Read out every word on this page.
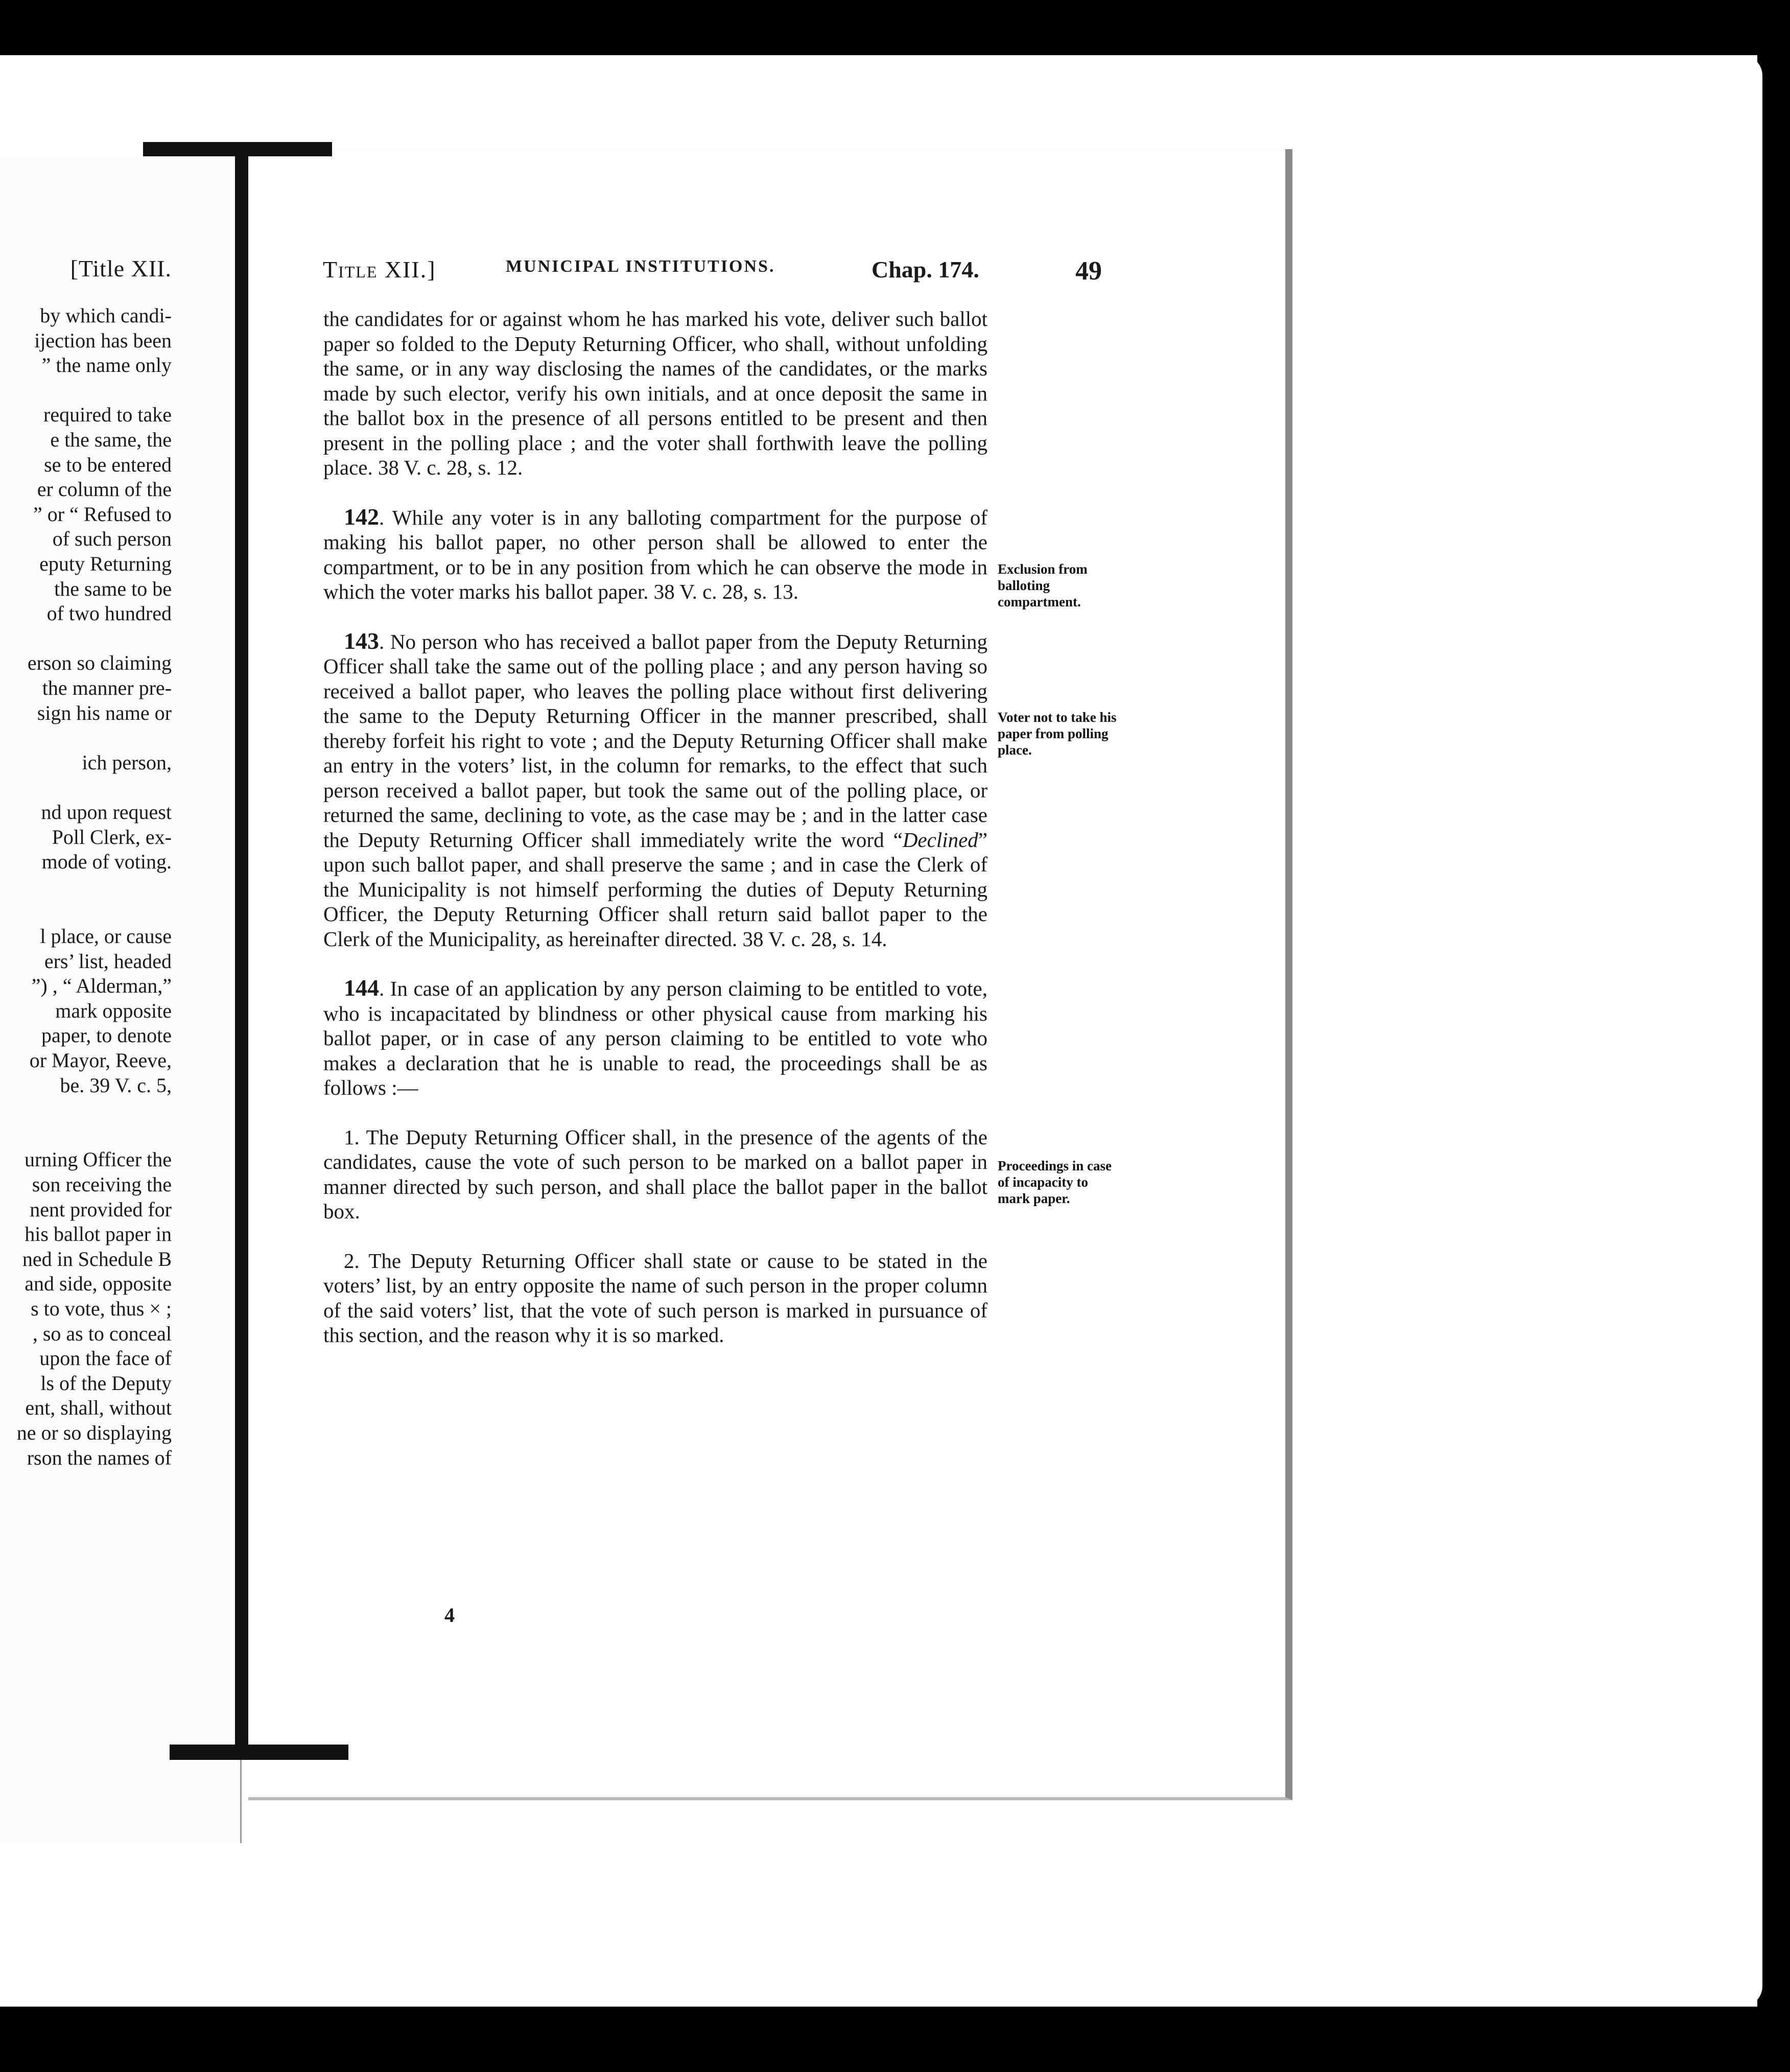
[Title XII.
by which candi-
ijection has been
” the name only
required to take
e the same, the
se to be entered
er column of the
” or “ Refused to
of such person
eputy Returning
the same to be
of two hundred
erson so claiming
the manner pre-
sign his name or
ich person,
nd upon request
Poll Clerk, ex-
mode of voting.
l place, or cause
ers’ list, headed
”) , “ Alderman,”
mark opposite
paper, to denote
or Mayor, Reeve,
be. 39 V. c. 5,
urning Officer the
son receiving the
nent provided for
his ballot paper in
ned in Schedule B
and side, opposite
s to vote, thus × ;
, so as to conceal
upon the face of
ls of the Deputy
ent, shall, without
ne or so displaying
rson the names of
Title XII.]	MUNICIPAL INSTITUTIONS.	Chap. 174.	49

the candidates for or against whom he has marked his vote, deliver such ballot paper so folded to the Deputy Returning Officer, who shall, without unfolding the same, or in any way disclosing the names of the candidates, or the marks made by such elector, verify his own initials, and at once deposit the same in the ballot box in the presence of all persons entitled to be present and then present in the polling place ; and the voter shall forthwith leave the polling place. 38 V. c. 28, s. 12.

142. While any voter is in any balloting compartment for the purpose of making his ballot paper, no other person shall be allowed to enter the compartment, or to be in any position from which he can observe the mode in which the voter marks his ballot paper. 38 V. c. 28, s. 13.

143. No person who has received a ballot paper from the Deputy Returning Officer shall take the same out of the polling place ; and any person having so received a ballot paper, who leaves the polling place without first delivering the same to the Deputy Returning Officer in the manner prescribed, shall thereby forfeit his right to vote ; and the Deputy Returning Officer shall make an entry in the voters’ list, in the column for remarks, to the effect that such person received a ballot paper, but took the same out of the polling place, or returned the same, declining to vote, as the case may be ; and in the latter case the Deputy Returning Officer shall immediately write the word “Declined” upon such ballot paper, and shall preserve the same ; and in case the Clerk of the Municipality is not himself performing the duties of Deputy Returning Officer, the Deputy Returning Officer shall return said ballot paper to the Clerk of the Municipality, as hereinafter directed. 38 V. c. 28, s. 14.

144. In case of an application by any person claiming to be entitled to vote, who is incapacitated by blindness or other physical cause from marking his ballot paper, or in case of any person claiming to be entitled to vote who makes a declaration that he is unable to read, the proceedings shall be as follows :—

1. The Deputy Returning Officer shall, in the presence of the agents of the candidates, cause the vote of such person to be marked on a ballot paper in manner directed by such person, and shall place the ballot paper in the ballot box.

2. The Deputy Returning Officer shall state or cause to be stated in the voters’ list, by an entry opposite the name of such person in the proper column of the said voters’ list, that the vote of such person is marked in pursuance of this section, and the reason why it is so marked.

Exclusion from balloting compartment.
Voter not to take his paper from polling place.
Proceedings in case of incapacity to mark paper.
4
